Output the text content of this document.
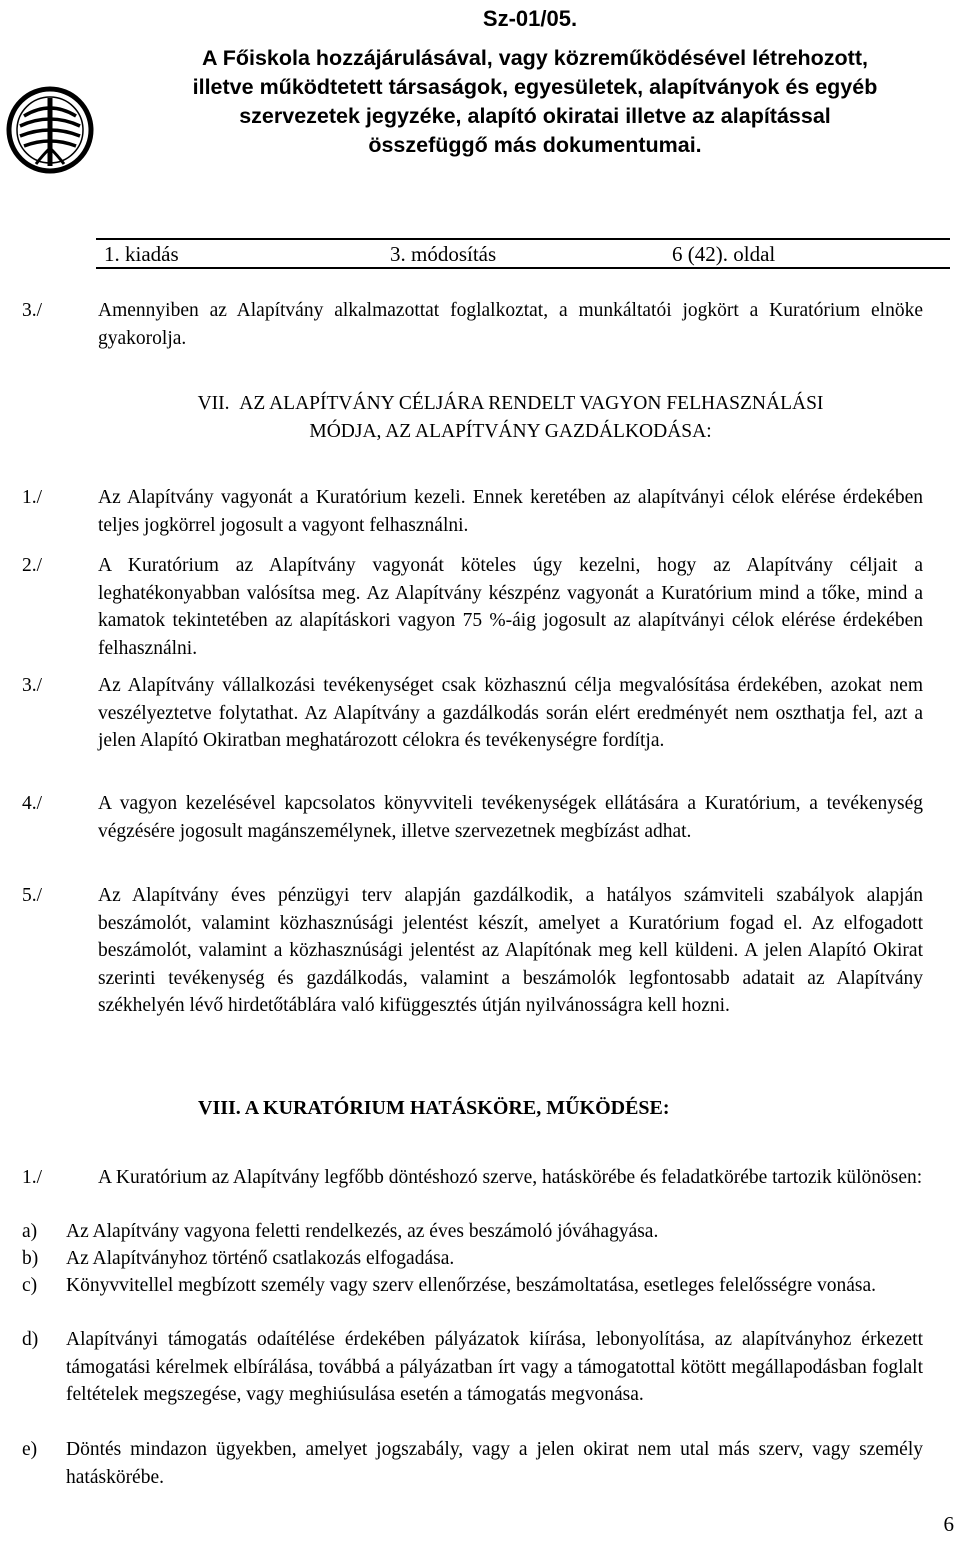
Sz-01/05.
A Főiskola hozzájárulásával, vagy közreműködésével létrehozott,
illetve működtetett társaságok, egyesületek, alapítványok és egyéb
szervezetek jegyzéke, alapító okiratai illetve az alapítással
összefüggő más dokumentumai.
1. kiadás	3. módosítás	6 (42). oldal
3./	Amennyiben az Alapítvány alkalmazottat foglalkoztat, a munkáltatói jogkört a Kuratórium elnöke gyakorolja.

VII. AZ ALAPÍTVÁNY CÉLJÁRA RENDELT VAGYON FELHASZNÁLÁSI
MÓDJA, AZ ALAPÍTVÁNY GAZDÁLKODÁSA:
1./	Az Alapítvány vagyonát a Kuratórium kezeli. Ennek keretében az alapítványi célok elérése érdekében teljes jogkörrel jogosult a vagyont felhasználni.

2./	A Kuratórium az Alapítvány vagyonát köteles úgy kezelni, hogy az Alapítvány céljait a leghatékonyabban valósítsa meg. Az Alapítvány készpénz vagyonát a Kuratórium mind a tőke, mind a kamatok tekintetében az alapításkori vagyon 75 %-áig jogosult az alapítványi célok elérése érdekében felhasználni.

3./	Az Alapítvány vállalkozási tevékenységet csak közhasznú célja megvalósítása érdekében, azokat nem veszélyeztetve folytathat. Az Alapítvány a gazdálkodás során elért eredményét nem oszthatja fel, azt a jelen Alapító Okiratban meghatározott célokra és tevékenységre fordítja.

4./	A vagyon kezelésével kapcsolatos könyvviteli tevékenységek ellátására a Kuratórium, a tevékenység végzésére jogosult magánszemélynek, illetve szervezetnek megbízást adhat.

5./	Az Alapítvány éves pénzügyi terv alapján gazdálkodik, a hatályos számviteli szabályok alapján beszámolót, valamint közhasznúsági jelentést készít, amelyet a Kuratórium fogad el. Az elfogadott beszámolót, valamint a közhasznúsági jelentést az Alapítónak meg kell küldeni. A jelen Alapító Okirat szerinti tevékenység és gazdálkodás, valamint a beszámolók legfontosabb adatait az Alapítvány székhelyén lévő hirdetőtáblára való kifüggesztés útján nyilvánosságra kell hozni.

VIII. A KURATÓRIUM HATÁSKÖRE, MŰKÖDÉSE:
1./	A Kuratórium az Alapítvány legfőbb döntéshozó szerve, hatáskörébe és feladatkörébe tartozik különösen:

a) Az Alapítvány vagyona feletti rendelkezés, az éves beszámoló jóváhagyása.

b) Az Alapítványhoz történő csatlakozás elfogadása.

c) Könyvvitellel megbízott személy vagy szerv ellenőrzése, beszámoltatása, esetleges felelősségre vonása.

d) Alapítványi támogatás odaítélése érdekében pályázatok kiírása, lebonyolítása, az alapítványhoz érkezett támogatási kérelmek elbírálása, továbbá a pályázatban írt vagy a támogatottal kötött megállapodásban foglalt feltételek megszegése, vagy meghiúsulása esetén a támogatás megvonása.

e) Döntés mindazon ügyekben, amelyet jogszabály, vagy a jelen okirat nem utal más szerv, vagy személy hatáskörébe.

6
